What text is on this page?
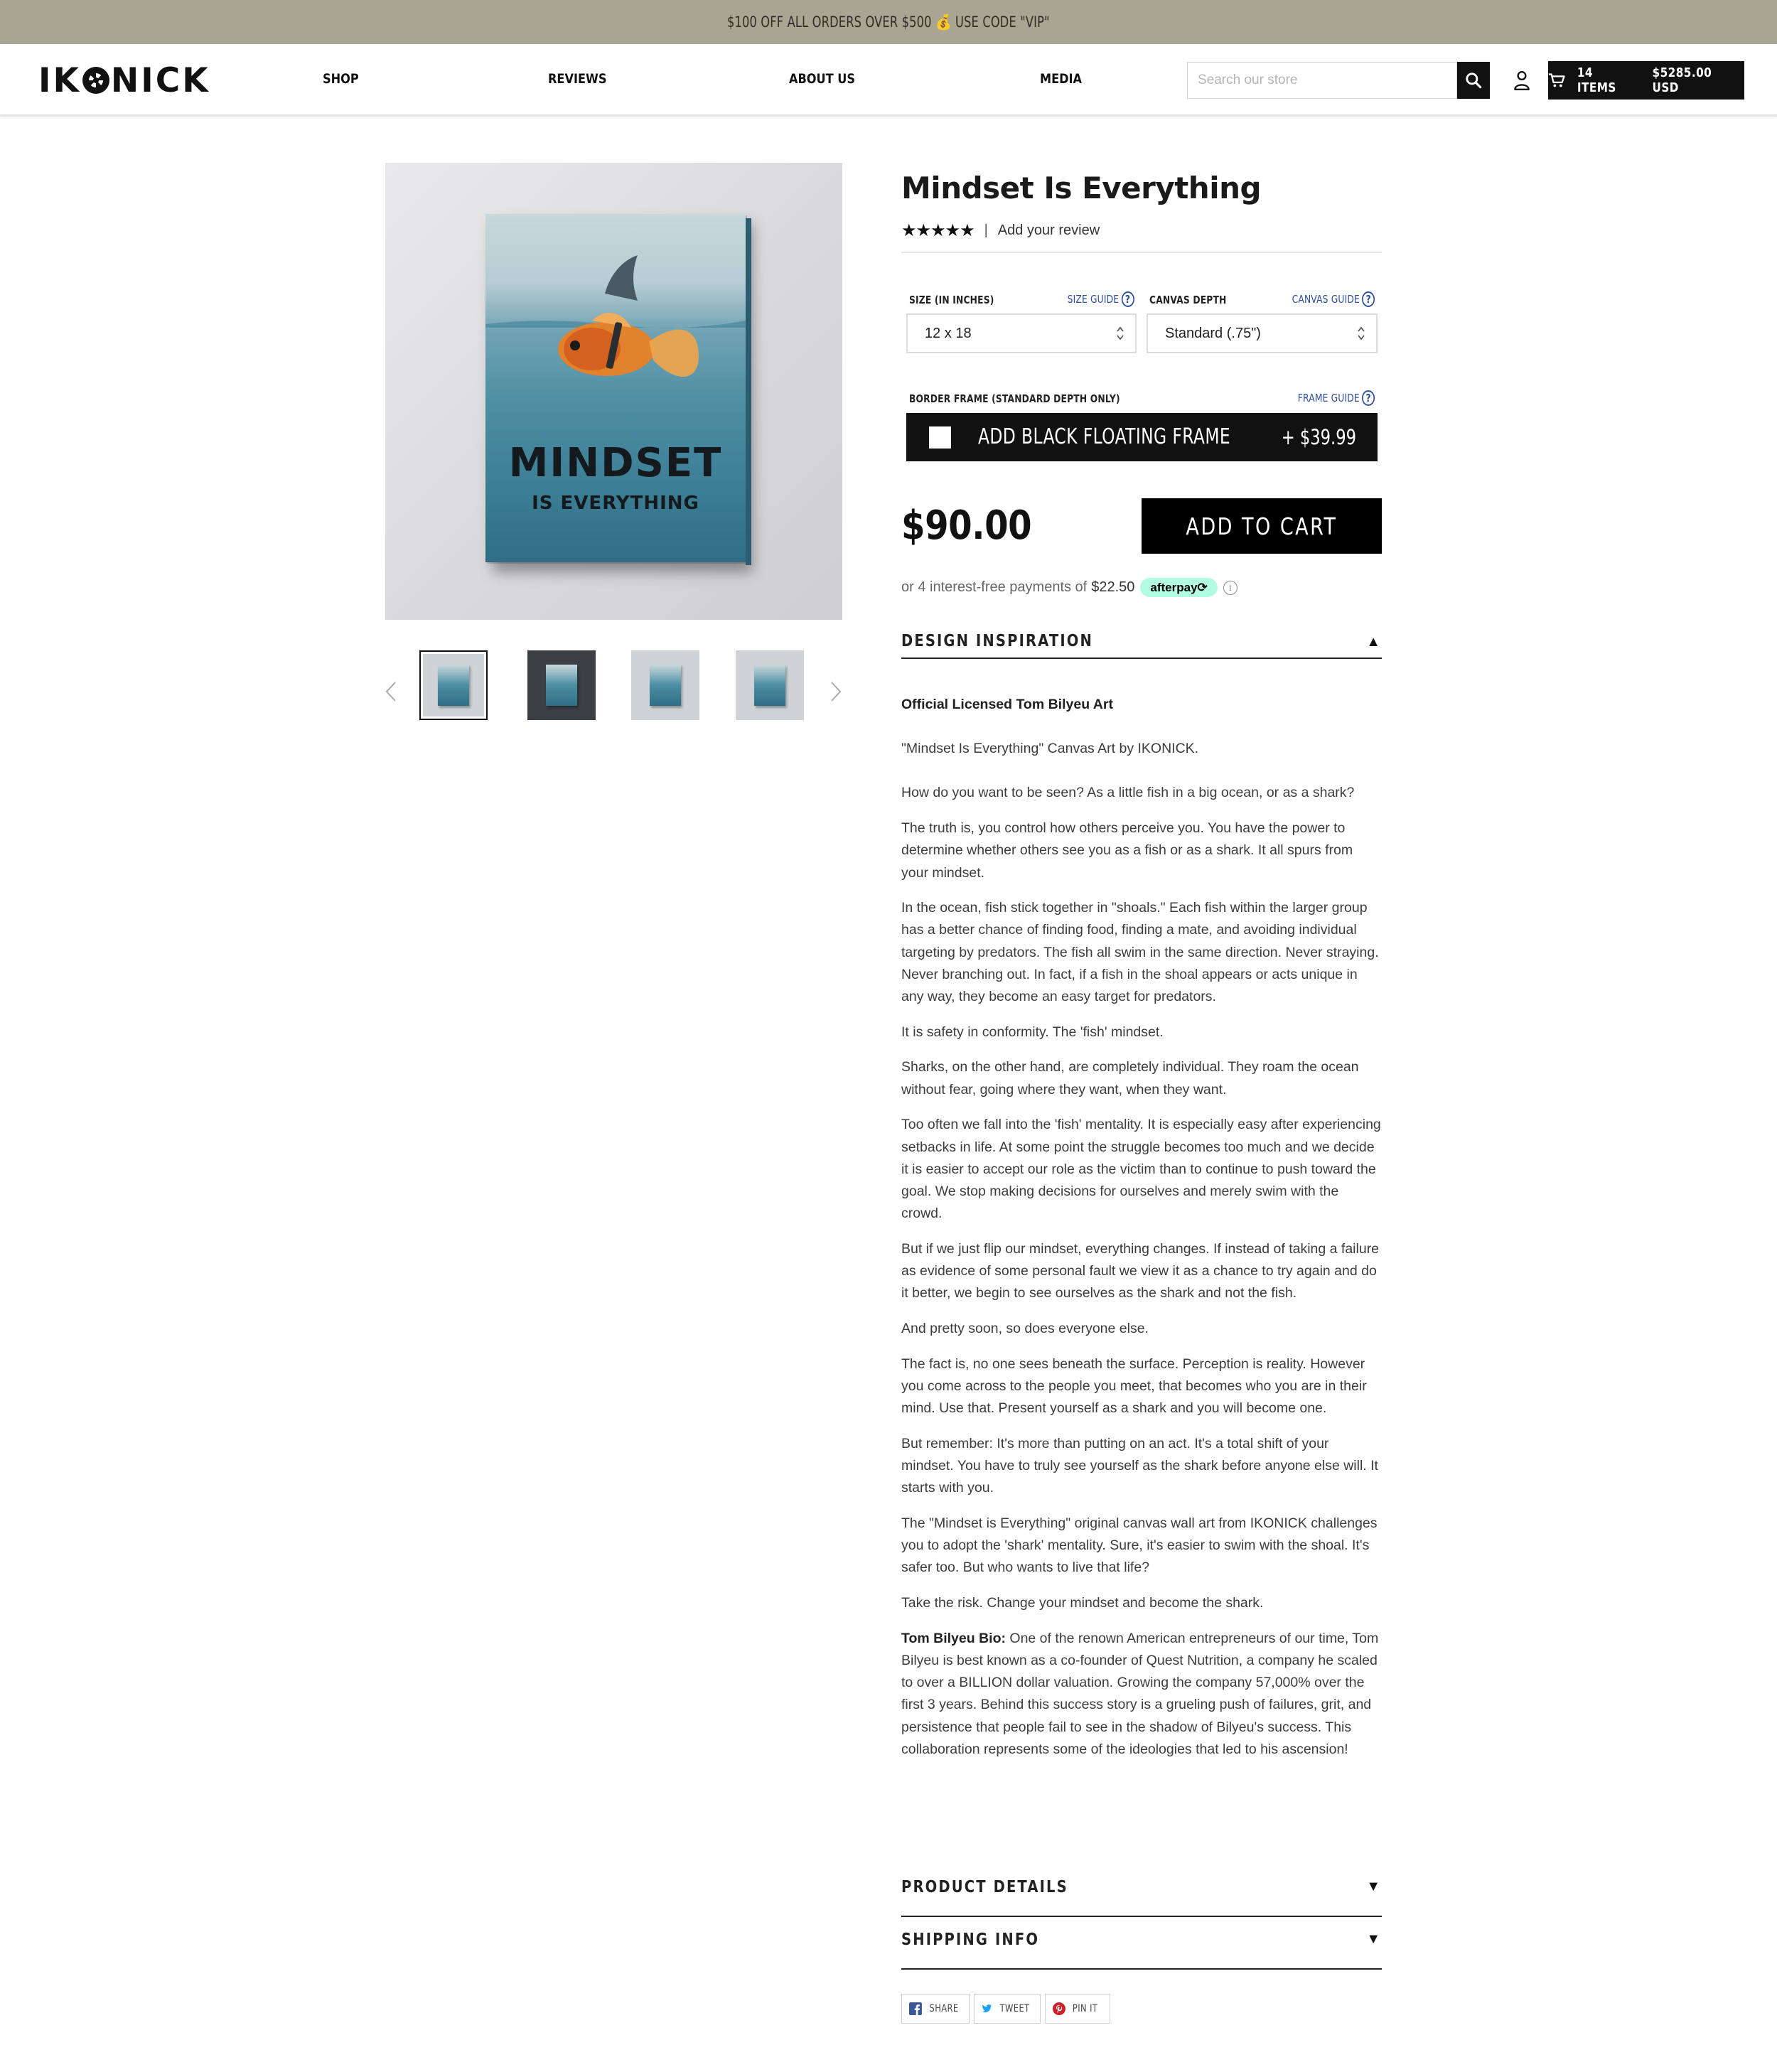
$100 OFF ALL ORDERS OVER $500 💰 USE CODE "VIP"
IK NICK	SHOP	REVIEWS	ABOUT US	MEDIA
Search our store	14 ITEMS
$5285.00 USD
MINDSET
IS EVERYTHING
Mindset Is Everything
★★★★★ | Add your review
SIZE (IN INCHES)	SIZE GUIDE ?
12 x 18
CANVAS DEPTH	CANVAS GUIDE ?
Standard (.75")
BORDER FRAME (STANDARD DEPTH ONLY)	FRAME GUIDE ?
ADD BLACK FLOATING FRAME + $39.99
$90.00	ADD TO CART
or 4 interest-free payments of $22.50	afterpay⟳	i
DESIGN INSPIRATION	▲

Official Licensed Tom Bilyeu Art

"Mindset Is Everything" Canvas Art by IKONICK.

How do you want to be seen? As a little fish in a big ocean, or as a shark?

The truth is, you control how others perceive you. You have the power to determine whether others see you as a fish or as a shark. It all spurs from your mindset.

In the ocean, fish stick together in "shoals." Each fish within the larger group has a better chance of finding food, finding a mate, and avoiding individual targeting by predators. The fish all swim in the same direction. Never straying. Never branching out. In fact, if a fish in the shoal appears or acts unique in any way, they become an easy target for predators.

It is safety in conformity. The 'fish' mindset.

Sharks, on the other hand, are completely individual. They roam the ocean without fear, going where they want, when they want.

Too often we fall into the 'fish' mentality. It is especially easy after experiencing setbacks in life. At some point the struggle becomes too much and we decide it is easier to accept our role as the victim than to continue to push toward the goal. We stop making decisions for ourselves and merely swim with the crowd.

But if we just flip our mindset, everything changes. If instead of taking a failure as evidence of some personal fault we view it as a chance to try again and do it better, we begin to see ourselves as the shark and not the fish.

And pretty soon, so does everyone else.

The fact is, no one sees beneath the surface. Perception is reality. However you come across to the people you meet, that becomes who you are in their mind. Use that. Present yourself as a shark and you will become one.

But remember: It's more than putting on an act. It's a total shift of your mindset. You have to truly see yourself as the shark before anyone else will. It starts with you.

The "Mindset is Everything" original canvas wall art from IKONICK challenges you to adopt the 'shark' mentality. Sure, it's easier to swim with the shoal. It's safer too. But who wants to live that life?

Take the risk. Change your mindset and become the shark.

Tom Bilyeu Bio: One of the renown American entrepreneurs of our time, Tom Bilyeu is best known as a co-founder of Quest Nutrition, a company he scaled to over a BILLION dollar valuation. Growing the company 57,000% over the first 3 years. Behind this success story is a grueling push of failures, grit, and persistence that people fail to see in the shadow of Bilyeu's success. This collaboration represents some of the ideologies that led to his ascension!

PRODUCT DETAILS	▼
SHIPPING INFO	▼
SHARE	TWEET	PIN IT
